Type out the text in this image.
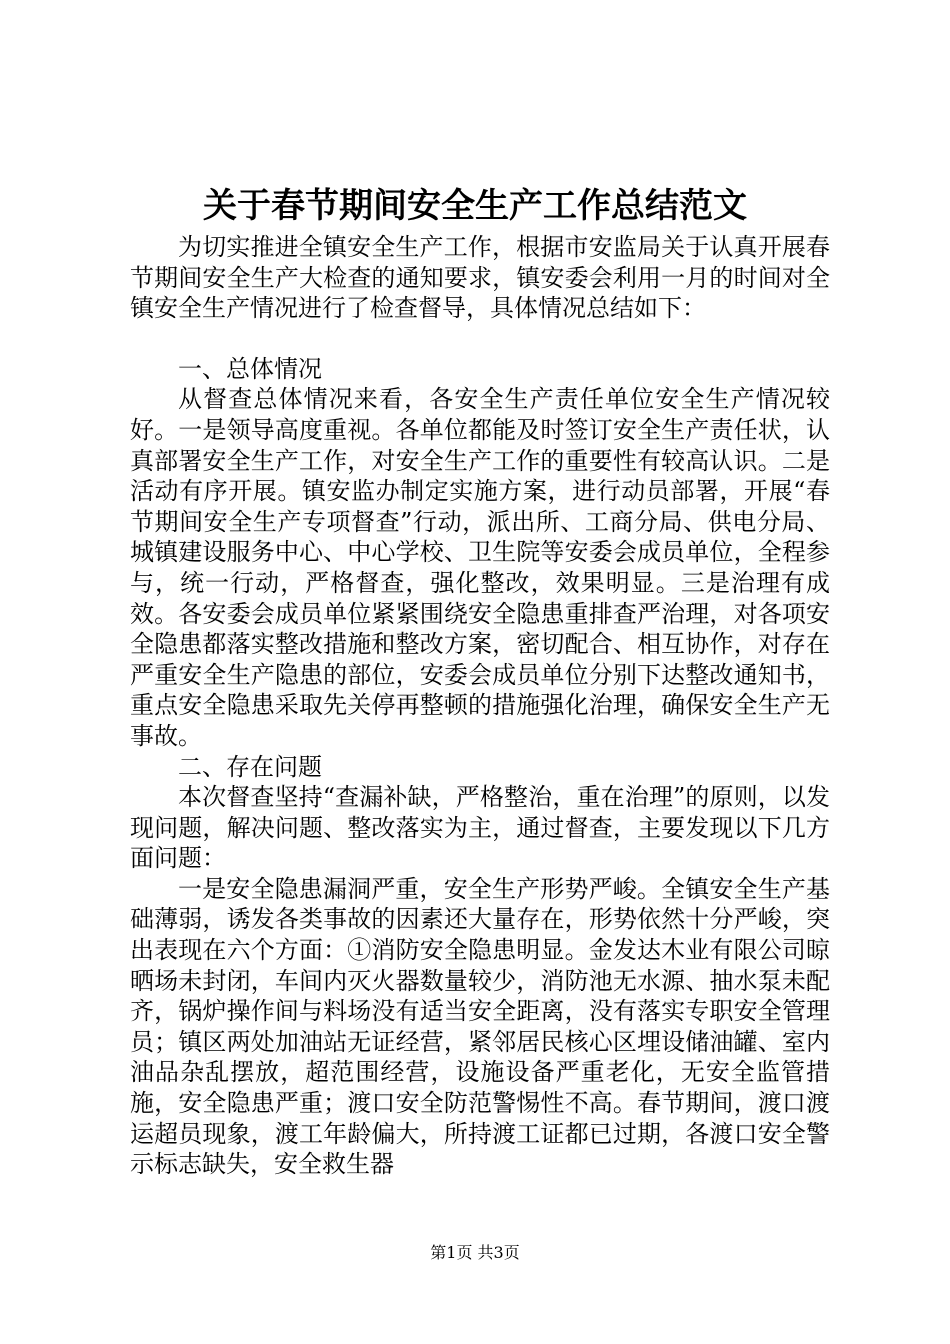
关于春节期间安全生产工作总结范文

为切实推进全镇安全生产工作，根据市安监局关于认真开展春节期间安全生产大检查的通知要求，镇安委会利用一月的时间对全镇安全生产情况进行了检查督导，具体情况总结如下：

一、总体情况

从督查总体情况来看，各安全生产责任单位安全生产情况较好。一是领导高度重视。各单位都能及时签订安全生产责任状，认真部署安全生产工作，对安全生产工作的重要性有较高认识。二是活动有序开展。镇安监办制定实施方案，进行动员部署，开展“春节期间安全生产专项督查”行动，派出所、工商分局、供电分局、城镇建设服务中心、中心学校、卫生院等安委会成员单位，全程参与，统一行动，严格督查，强化整改，效果明显。三是治理有成效。各安委会成员单位紧紧围绕安全隐患重排查严治理，对各项安全隐患都落实整改措施和整改方案，密切配合、相互协作，对存在严重安全生产隐患的部位，安委会成员单位分别下达整改通知书，重点安全隐患采取先关停再整顿的措施强化治理，确保安全生产无事故。

二、存在问题

本次督查坚持“查漏补缺，严格整治，重在治理”的原则，以发现问题，解决问题、整改落实为主，通过督查，主要发现以下几方面问题：

一是安全隐患漏洞严重，安全生产形势严峻。全镇安全生产基础薄弱，诱发各类事故的因素还大量存在，形势依然十分严峻，突出表现在六个方面：①消防安全隐患明显。金发达木业有限公司晾晒场未封闭，车间内灭火器数量较少，消防池无水源、抽水泵未配齐，锅炉操作间与料场没有适当安全距离，没有落实专职安全管理员；镇区两处加油站无证经营，紧邻居民核心区埋设储油罐、室内油品杂乱摆放，超范围经营，设施设备严重老化，无安全监管措施，安全隐患严重；渡口安全防范警惕性不高。春节期间，渡口渡运超员现象，渡工年龄偏大，所持渡工证都已过期，各渡口安全警示标志缺失，安全救生器

第1页 共3页
